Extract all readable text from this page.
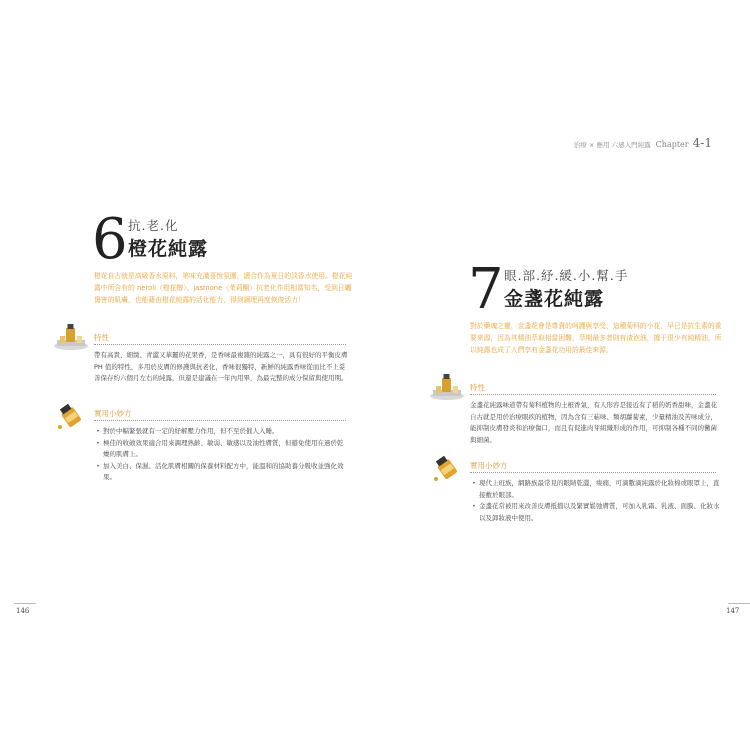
6 抗.老.化
橙花純露
橙花自古就是高級香水原料，第味充滿喜悅氛圍，適合作為夏日的淡香水使用。橙花純露中所含有的 neroli（橙花醇）、jasmone（茉莉酮）抗老化作用相當知名，受到日曬傷害的肌膚，也能藉由橙花純露的活化能力，得到調理再度恢復活力！
特性
帶有高貴、細緻、青澀又華麗的花果香，是香味最複雜的純露之一，具有很好的平衡皮膚 PH 值的特性，多用於皮膚的修護與抗老化，香味很獨特，新鮮的純露香味從而比不上妥善保存約六個月左右的純露，但還是建議在一年內用畢，為最完整的成分保留與使用期。
實用小妙方
• 對於中幅緊張就有一定的紓解壓力作用，但不至於催人入睡。
• 極佳的收斂效果適合用來調理熟齡、敏弱、敏感以及油性膚質，但避免使用在過於乾燥的肌膚上。
• 加入美白、保濕、活化肌膚相關的保養材料配方中，能溫和的協助養分吸收並強化效果。
146
治療 × 應用 六感入門純露 Chapter 4-1
7 眼.部.紓.緩.小.幫.手
金盞花純露
對於藥魂之靈，金盞花會是尊貴的呵護與享受，這種菊科的小花，早已是抗生素的重要來源，因為其精油萃取相當困難，萃期最多者則有渣泡油，據于很少有純精油，所以純露也成了人們享有金盞花功用的最佳來源。
特性
金盞花純露味道帶有菊科植物的土根香氣，有人形容是接近有了稻的奶香甜味，金盞花自古就是用於治療眼疾的植物，因為含有三萜味、類胡蘿蔔素，少量精油及苦味成分，能抑制皮膚發炎和治療傷口，而且有促進肉芽組織形成的作用，可抑制各種不同的黴菌與細菌。
實用小妙方
• 現代上班族，網路族最常見的眼睛乾澀，痠痛，可滴數滴純露於化妝棉或眼罩上，直接敷於眼部。
• 金盞花常被用來改善皮膚抵擋以及緊實鬆弛膚質，可加入乳霜、乳液、面膜、化妝水以及卸妝液中使用。
147
